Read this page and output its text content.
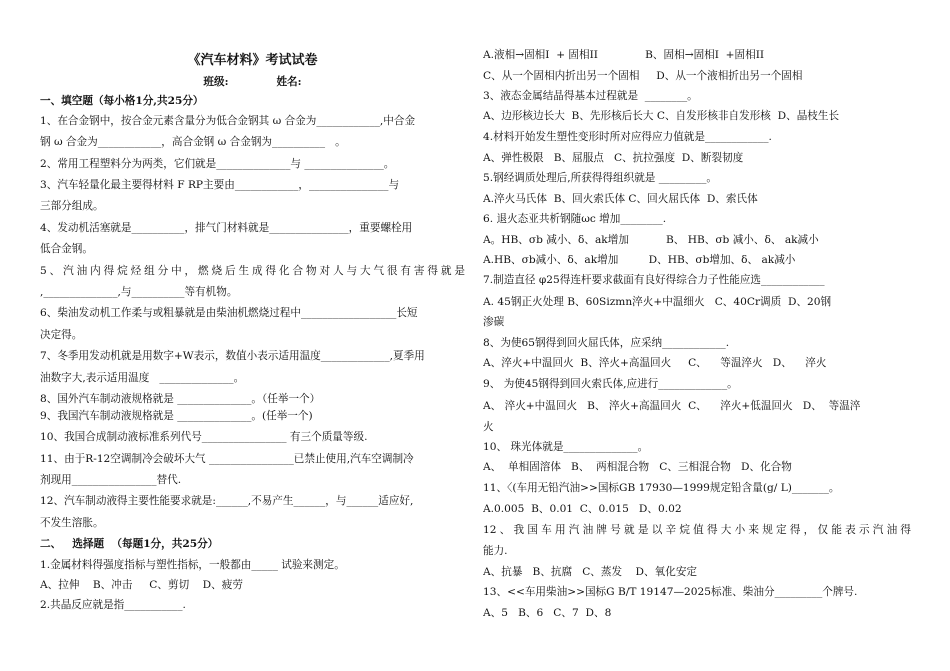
《汽车材料》考试试卷
班级:             姓名:
一、填空题（每小格1分,共25分）
1、在合金钢中，按合金元素含量分为低合金钢其 ω 合金为____________,中合金
钢 ω 合金为____________，高合金钢 ω 合金钢为__________   。
2、常用工程塑料分为两类，它们就是______________与 _______________。
3、汽车轻量化最主要得材料 F RP主要由____________，_______________与
三部分组成。
4、发动机活塞就是__________，排气门材料就是_______________，重要螺栓用
低合金钢。
5、汽油内得烷烃组分中，燃烧后生成得化合物对人与大气很有害得就是
,______________,与__________等有机物。
6、柴油发动机工作柔与或粗暴就是由柴油机燃烧过程中__________________长短
决定得。
7、冬季用发动机就是用数字+W表示，数值小表示适用温度_____________,夏季用
油数字大,表示适用温度   ______________。
8、国外汽车制动液规格就是 ______________。（任举一个）
9、我国汽车制动液规格就是 ______________。(任举一个)
10、我国合成制动液标准系列代号________________ 有三个质量等级.
11、由于R-12空调制冷会破坏大气 ________________已禁止使用,汽车空调制冷
剂现用________________替代.
12、汽车制动液得主要性能要求就是:______,不易产生______，与______适应好,
不发生溶胀。
二、   选择题  （每题1分，共25分）
1.金属材料得强度指标与塑性指标，一般都由_____ 试验来测定。
A、拉伸    B、冲击     C、剪切    D、疲劳
2.共晶反应就是指___________.
A.液相→固相I  + 固相II              B、固相→固相I  +固相II
C、从一个固相内折出另一个固相     D、从一个液相折出另一个固相
3、液态金属结晶得基本过程就是  ________。
A、边形核边长大  B、先形核后长大 C、自发形核非自发形核  D、晶枝生长
4.材料开始发生塑性变形时所对应得应力值就是____________.
A、弹性极限   B、屈服点   C、抗拉强度  D、断裂韧度
5.钢经调质处理后,所获得得组织就是 _________。
A.淬火马氏体  B、回火索氏体 C、回火屈氏体  D、索氏体
6. 退火态亚共析钢随ωc 增加________.
A。HB、σb 减小、δ、ak增加           B、 HB、σb 减小、δ、 ak减小
A.HB、σb减小、δ、ak增加         D、HB、σb增加、δ、 ak减小
7.制造直径 φ25得连杆要求截面有良好得综合力子性能应选____________
A. 45钢正火处理 B、60Sizmn淬火+中温细火   C、40Cr调质  D、20钢
渗碳
8、为使65钢得到回火屈氏体，应采纳____________.
A、淬火+中温回火  B、淬火+高温回火     C、    等温淬火   D、    淬火
9、 为使45钢得到回火索氏体,应进行_____________。
A、 淬火+中温回火   B、 淬火+高温回火  C、    淬火+低温回火   D、  等温淬
火
10、 珠光体就是______________。
A、  单相固溶体   B、  两相混合物   C、三相混合物   D、化合物
11、〈(车用无铅汽油>>国标GB 17930—1999规定铅含量(g/ L)_______。
A.0.005  B、0.01  C、0.015   D、0.02
12、我国车用汽油牌号就是以辛烷值得大小来规定得，仅能表示汽油得
能力.
A、抗暴   B、抗腐   C、蒸发    D、氧化安定
13、<<车用柴油>>国标G B/T 19147—2025标准、柴油分_________个牌号.
A、5   B、6   C、7  D、8
